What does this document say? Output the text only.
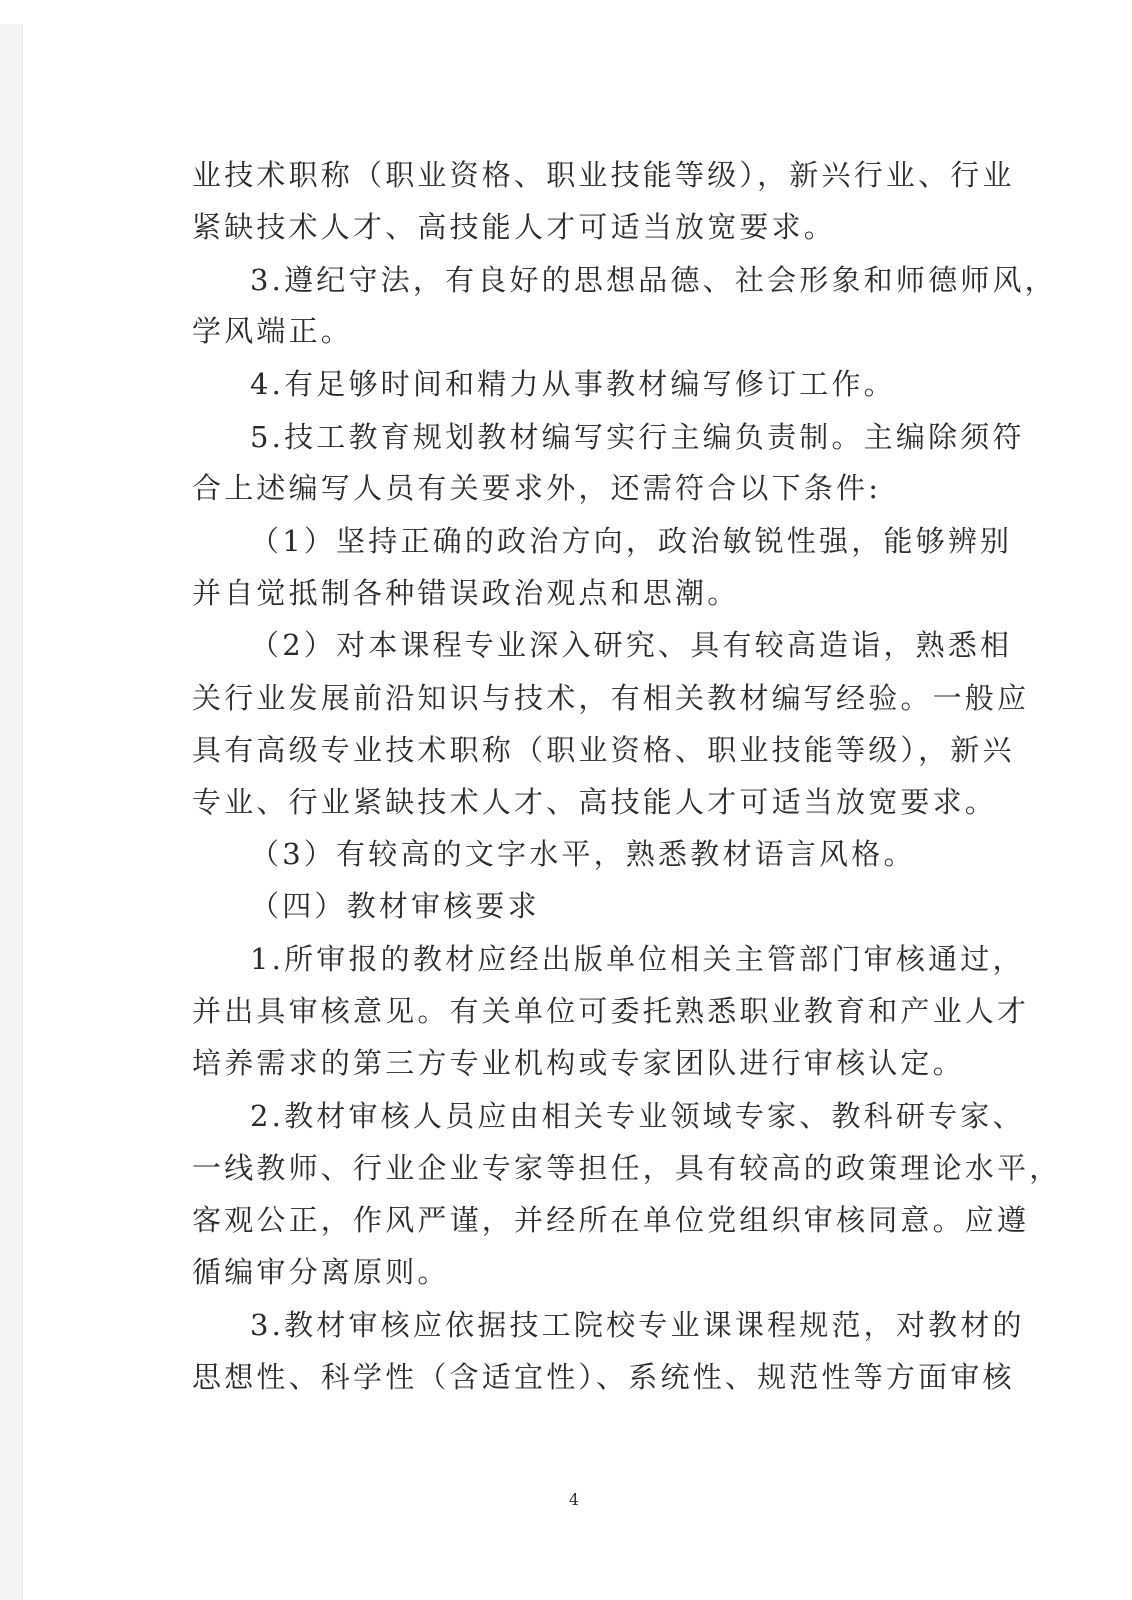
业技术职称（职业资格、职业技能等级），新兴行业、行业
紧缺技术人才、高技能人才可适当放宽要求。
3.遵纪守法，有良好的思想品德、社会形象和师德师风，
学风端正。
4.有足够时间和精力从事教材编写修订工作。
5.技工教育规划教材编写实行主编负责制。主编除须符
合上述编写人员有关要求外，还需符合以下条件:
（1）坚持正确的政治方向，政治敏锐性强，能够辨别
并自觉抵制各种错误政治观点和思潮。
（2）对本课程专业深入研究、具有较高造诣，熟悉相
关行业发展前沿知识与技术，有相关教材编写经验。一般应
具有高级专业技术职称（职业资格、职业技能等级），新兴
专业、行业紧缺技术人才、高技能人才可适当放宽要求。
（3）有较高的文字水平，熟悉教材语言风格。
（四）教材审核要求
1.所审报的教材应经出版单位相关主管部门审核通过，
并出具审核意见。有关单位可委托熟悉职业教育和产业人才
培养需求的第三方专业机构或专家团队进行审核认定。
2.教材审核人员应由相关专业领域专家、教科研专家、
一线教师、行业企业专家等担任，具有较高的政策理论水平，
客观公正，作风严谨，并经所在单位党组织审核同意。应遵
循编审分离原则。
3.教材审核应依据技工院校专业课课程规范，对教材的
思想性、科学性（含适宜性）、系统性、规范性等方面审核
4
